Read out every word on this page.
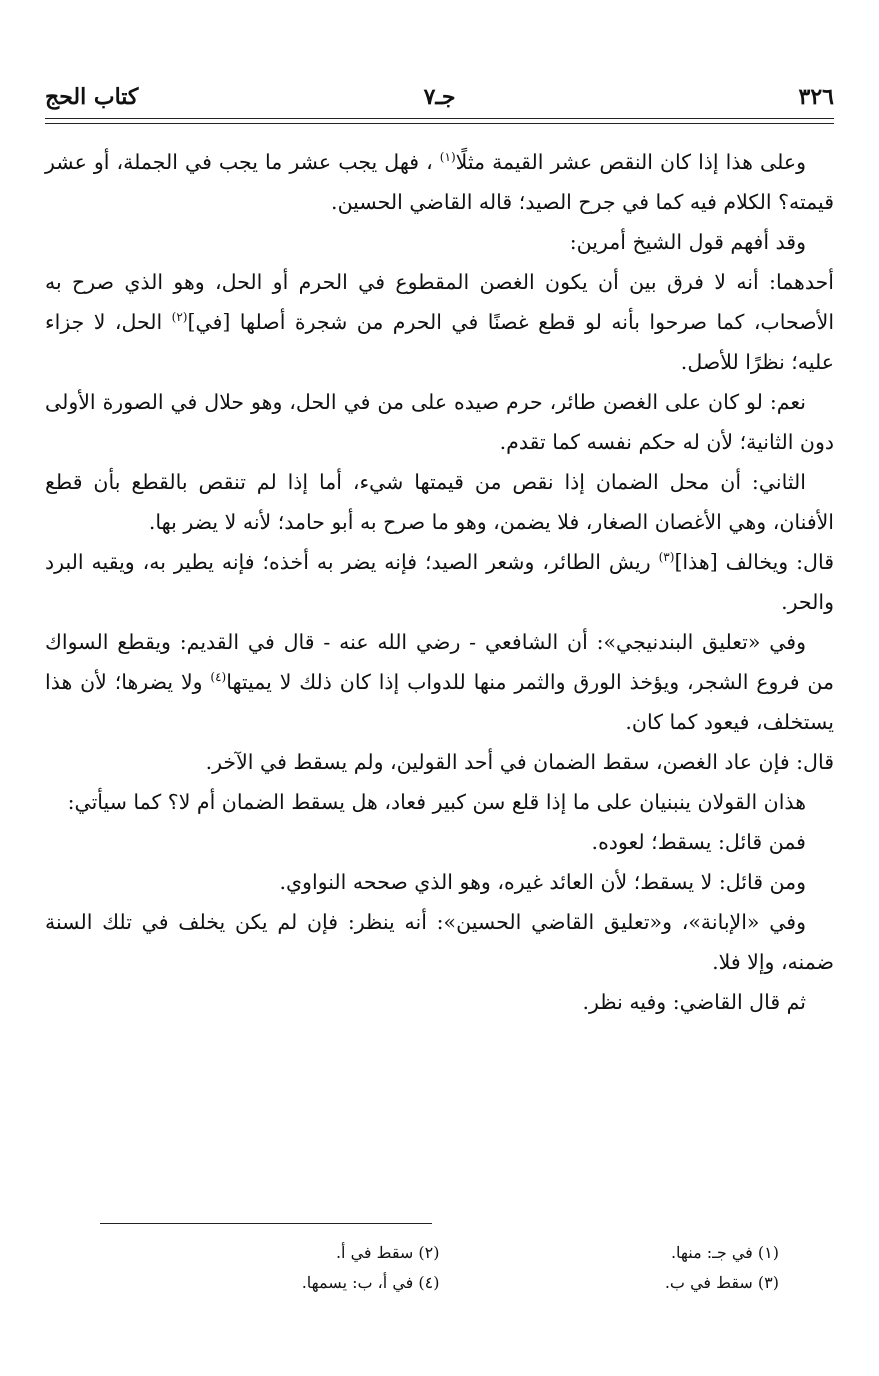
٣٢٦
جـ٧
كتاب الحج

وعلى هذا إذا كان النقص عشر القيمة مثلًا$^{(١)}$ ، فهل يجب عشر ما يجب في الجملة، أو عشر قيمته؟ الكلام فيه كما في جرح الصيد؛ قاله القاضي الحسين.

وقد أفهم قول الشيخ أمرين:

أحدهما: أنه لا فرق بين أن يكون الغصن المقطوع في الحرم أو الحل، وهو الذي صرح به الأصحاب، كما صرحوا بأنه لو قطع غصنًا في الحرم من شجرة أصلها [في]$^{(٢)}$ الحل، لا جزاء عليه؛ نظرًا للأصل.

نعم: لو كان على الغصن طائر، حرم صيده على من في الحل، وهو حلال في الصورة الأولى دون الثانية؛ لأن له حكم نفسه كما تقدم.

الثاني: أن محل الضمان إذا نقص من قيمتها شيء، أما إذا لم تنقص بالقطع بأن قطع الأفنان، وهي الأغصان الصغار، فلا يضمن، وهو ما صرح به أبو حامد؛ لأنه لا يضر بها.

قال: ويخالف [هذا]$^{(٣)}$ ريش الطائر، وشعر الصيد؛ فإنه يضر به أخذه؛ فإنه يطير به، ويقيه البرد والحر.

وفي «تعليق البندنيجي»: أن الشافعي - رضي الله عنه - قال في القديم: ويقطع السواك من فروع الشجر، ويؤخذ الورق والثمر منها للدواب إذا كان ذلك لا يميتها$^{(٤)}$ ولا يضرها؛ لأن هذا يستخلف، فيعود كما كان.

قال: فإن عاد الغصن، سقط الضمان في أحد القولين، ولم يسقط في الآخر.

هذان القولان ينبنيان على ما إذا قلع سن كبير فعاد، هل يسقط الضمان أم لا؟ كما سيأتي:

فمن قائل: يسقط؛ لعوده.

ومن قائل: لا يسقط؛ لأن العائد غيره، وهو الذي صححه النواوي.

وفي «الإبانة»، و«تعليق القاضي الحسين»: أنه ينظر: فإن لم يكن يخلف في تلك السنة ضمنه، وإلا فلا.

ثم قال القاضي: وفيه نظر.

(١) في جـ: منها.
(٢) سقط في أ.
(٣) سقط في ب.
(٤) في أ، ب: يسمها.
